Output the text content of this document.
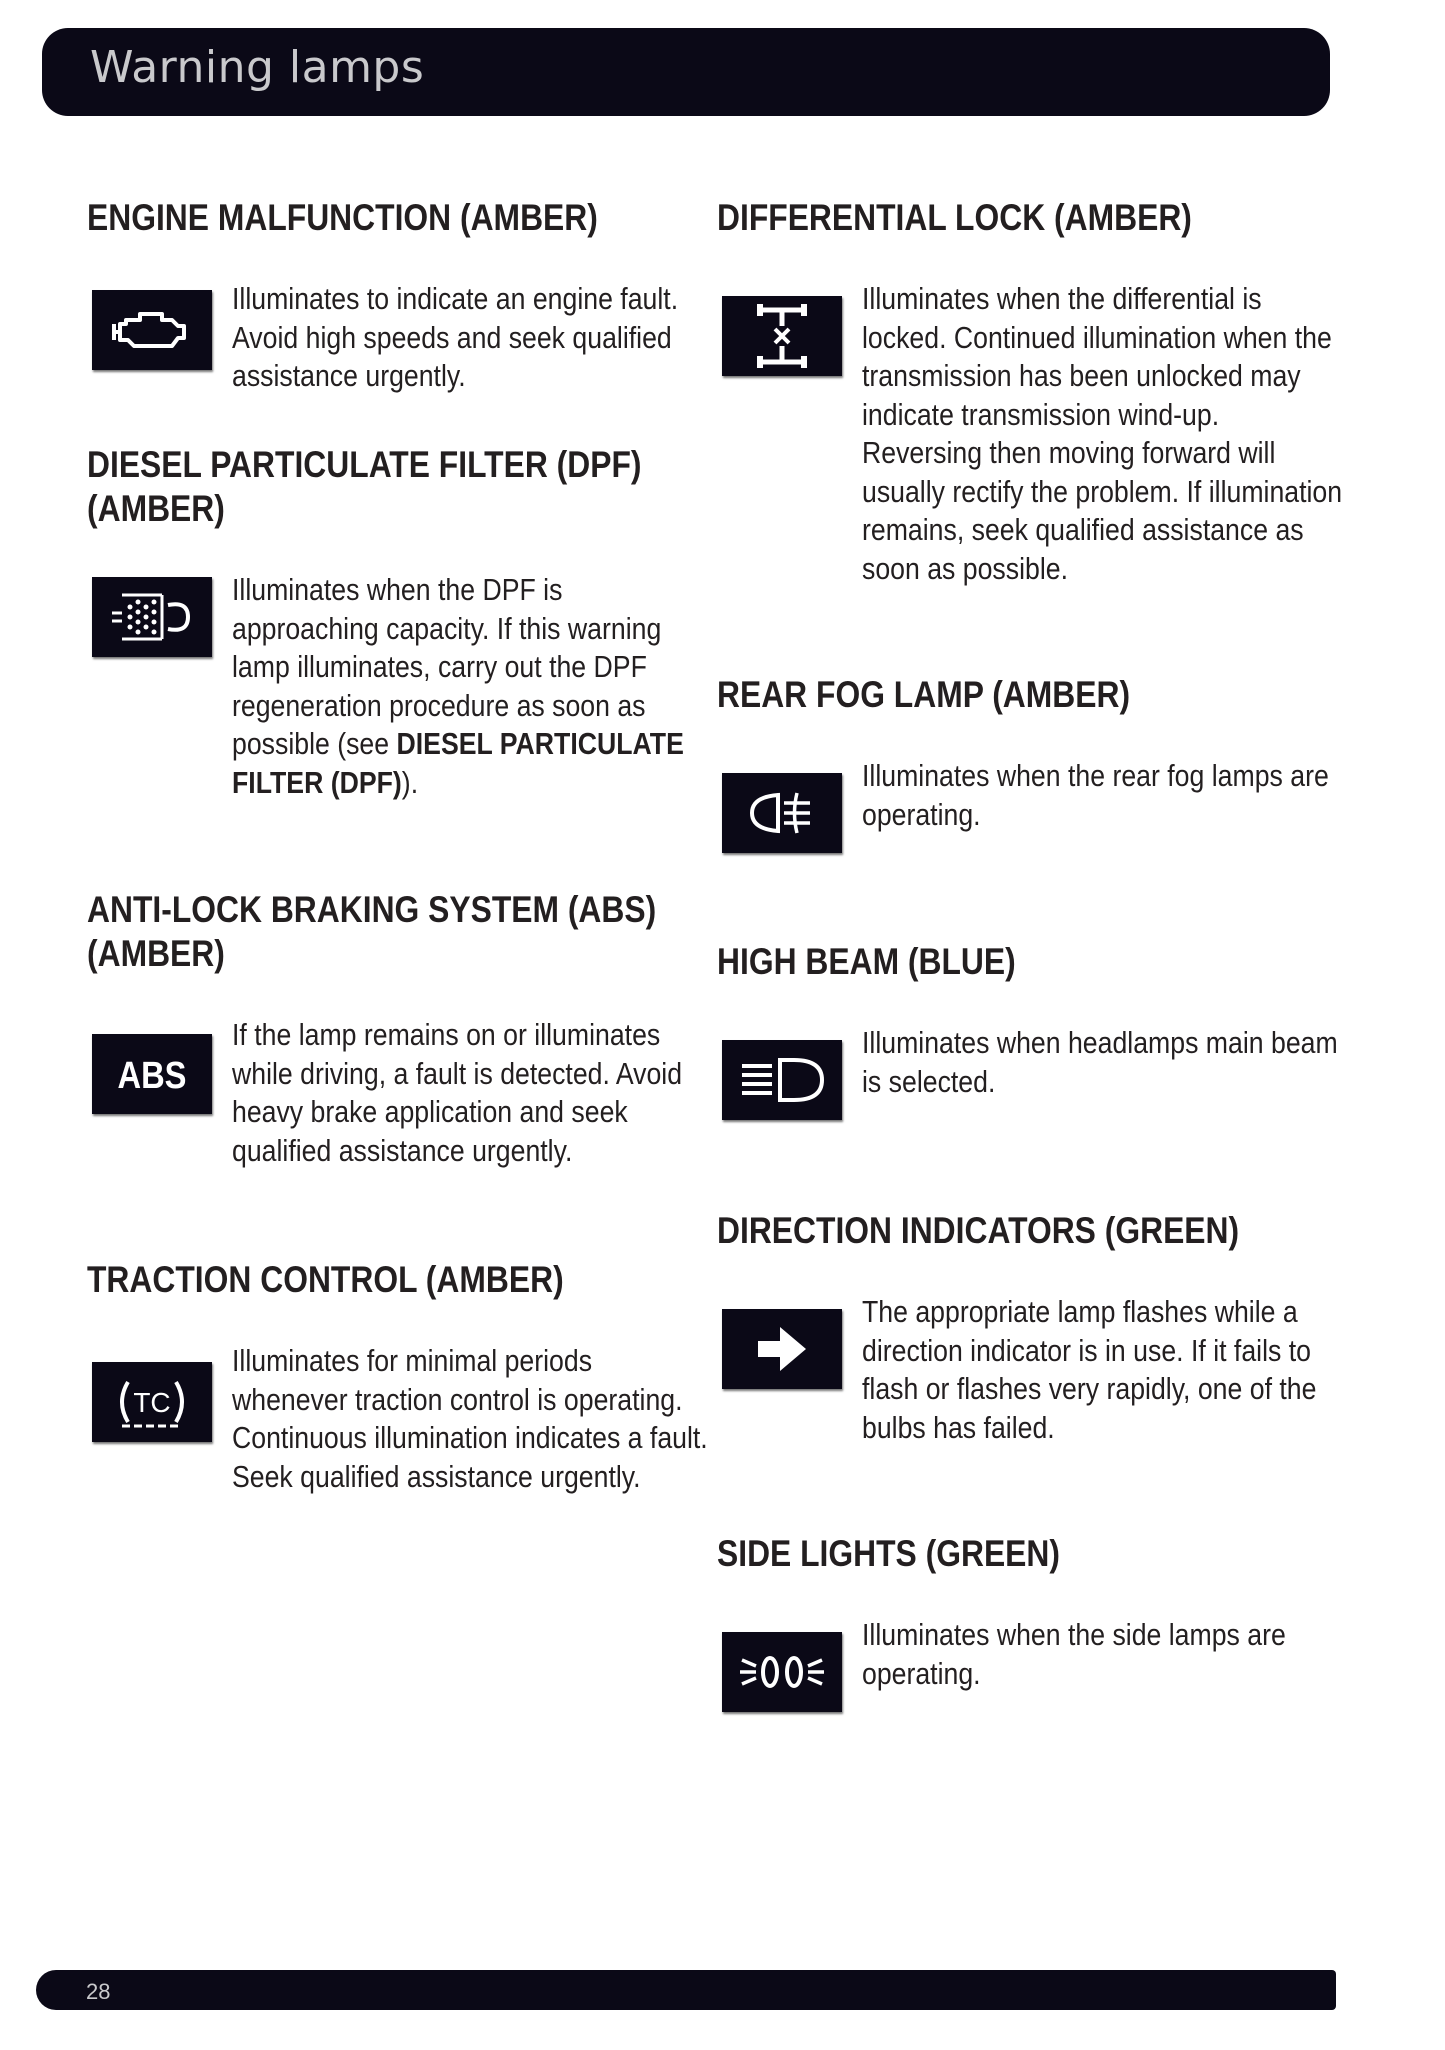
Warning lamps
ENGINE MALFUNCTION (AMBER)

Illuminates to indicate an engine fault. Avoid high speeds and seek qualified assistance urgently.

DIESEL PARTICULATE FILTER (DPF) (AMBER)

Illuminates when the DPF is approaching capacity. If this warning lamp illuminates, carry out the DPF regeneration procedure as soon as possible (see DIESEL PARTICULATE FILTER (DPF)).

ANTI-LOCK BRAKING SYSTEM (ABS) (AMBER)
ABS

If the lamp remains on or illuminates while driving, a fault is detected. Avoid heavy brake application and seek qualified assistance urgently.

TRACTION CONTROL (AMBER)
TC

Illuminates for minimal periods whenever traction control is operating. Continuous illumination indicates a fault. Seek qualified assistance urgently.

DIFFERENTIAL LOCK (AMBER)

Illuminates when the differential is locked. Continued illumination when the transmission has been unlocked may indicate transmission wind-up. Reversing then moving forward will usually rectify the problem. If illumination remains, seek qualified assistance as soon as possible.

REAR FOG LAMP (AMBER)

Illuminates when the rear fog lamps are operating.

HIGH BEAM (BLUE)

Illuminates when headlamps main beam is selected.

DIRECTION INDICATORS (GREEN)

The appropriate lamp flashes while a direction indicator is in use. If it fails to flash or flashes very rapidly, one of the bulbs has failed.

SIDE LIGHTS (GREEN)

Illuminates when the side lamps are operating.

28
